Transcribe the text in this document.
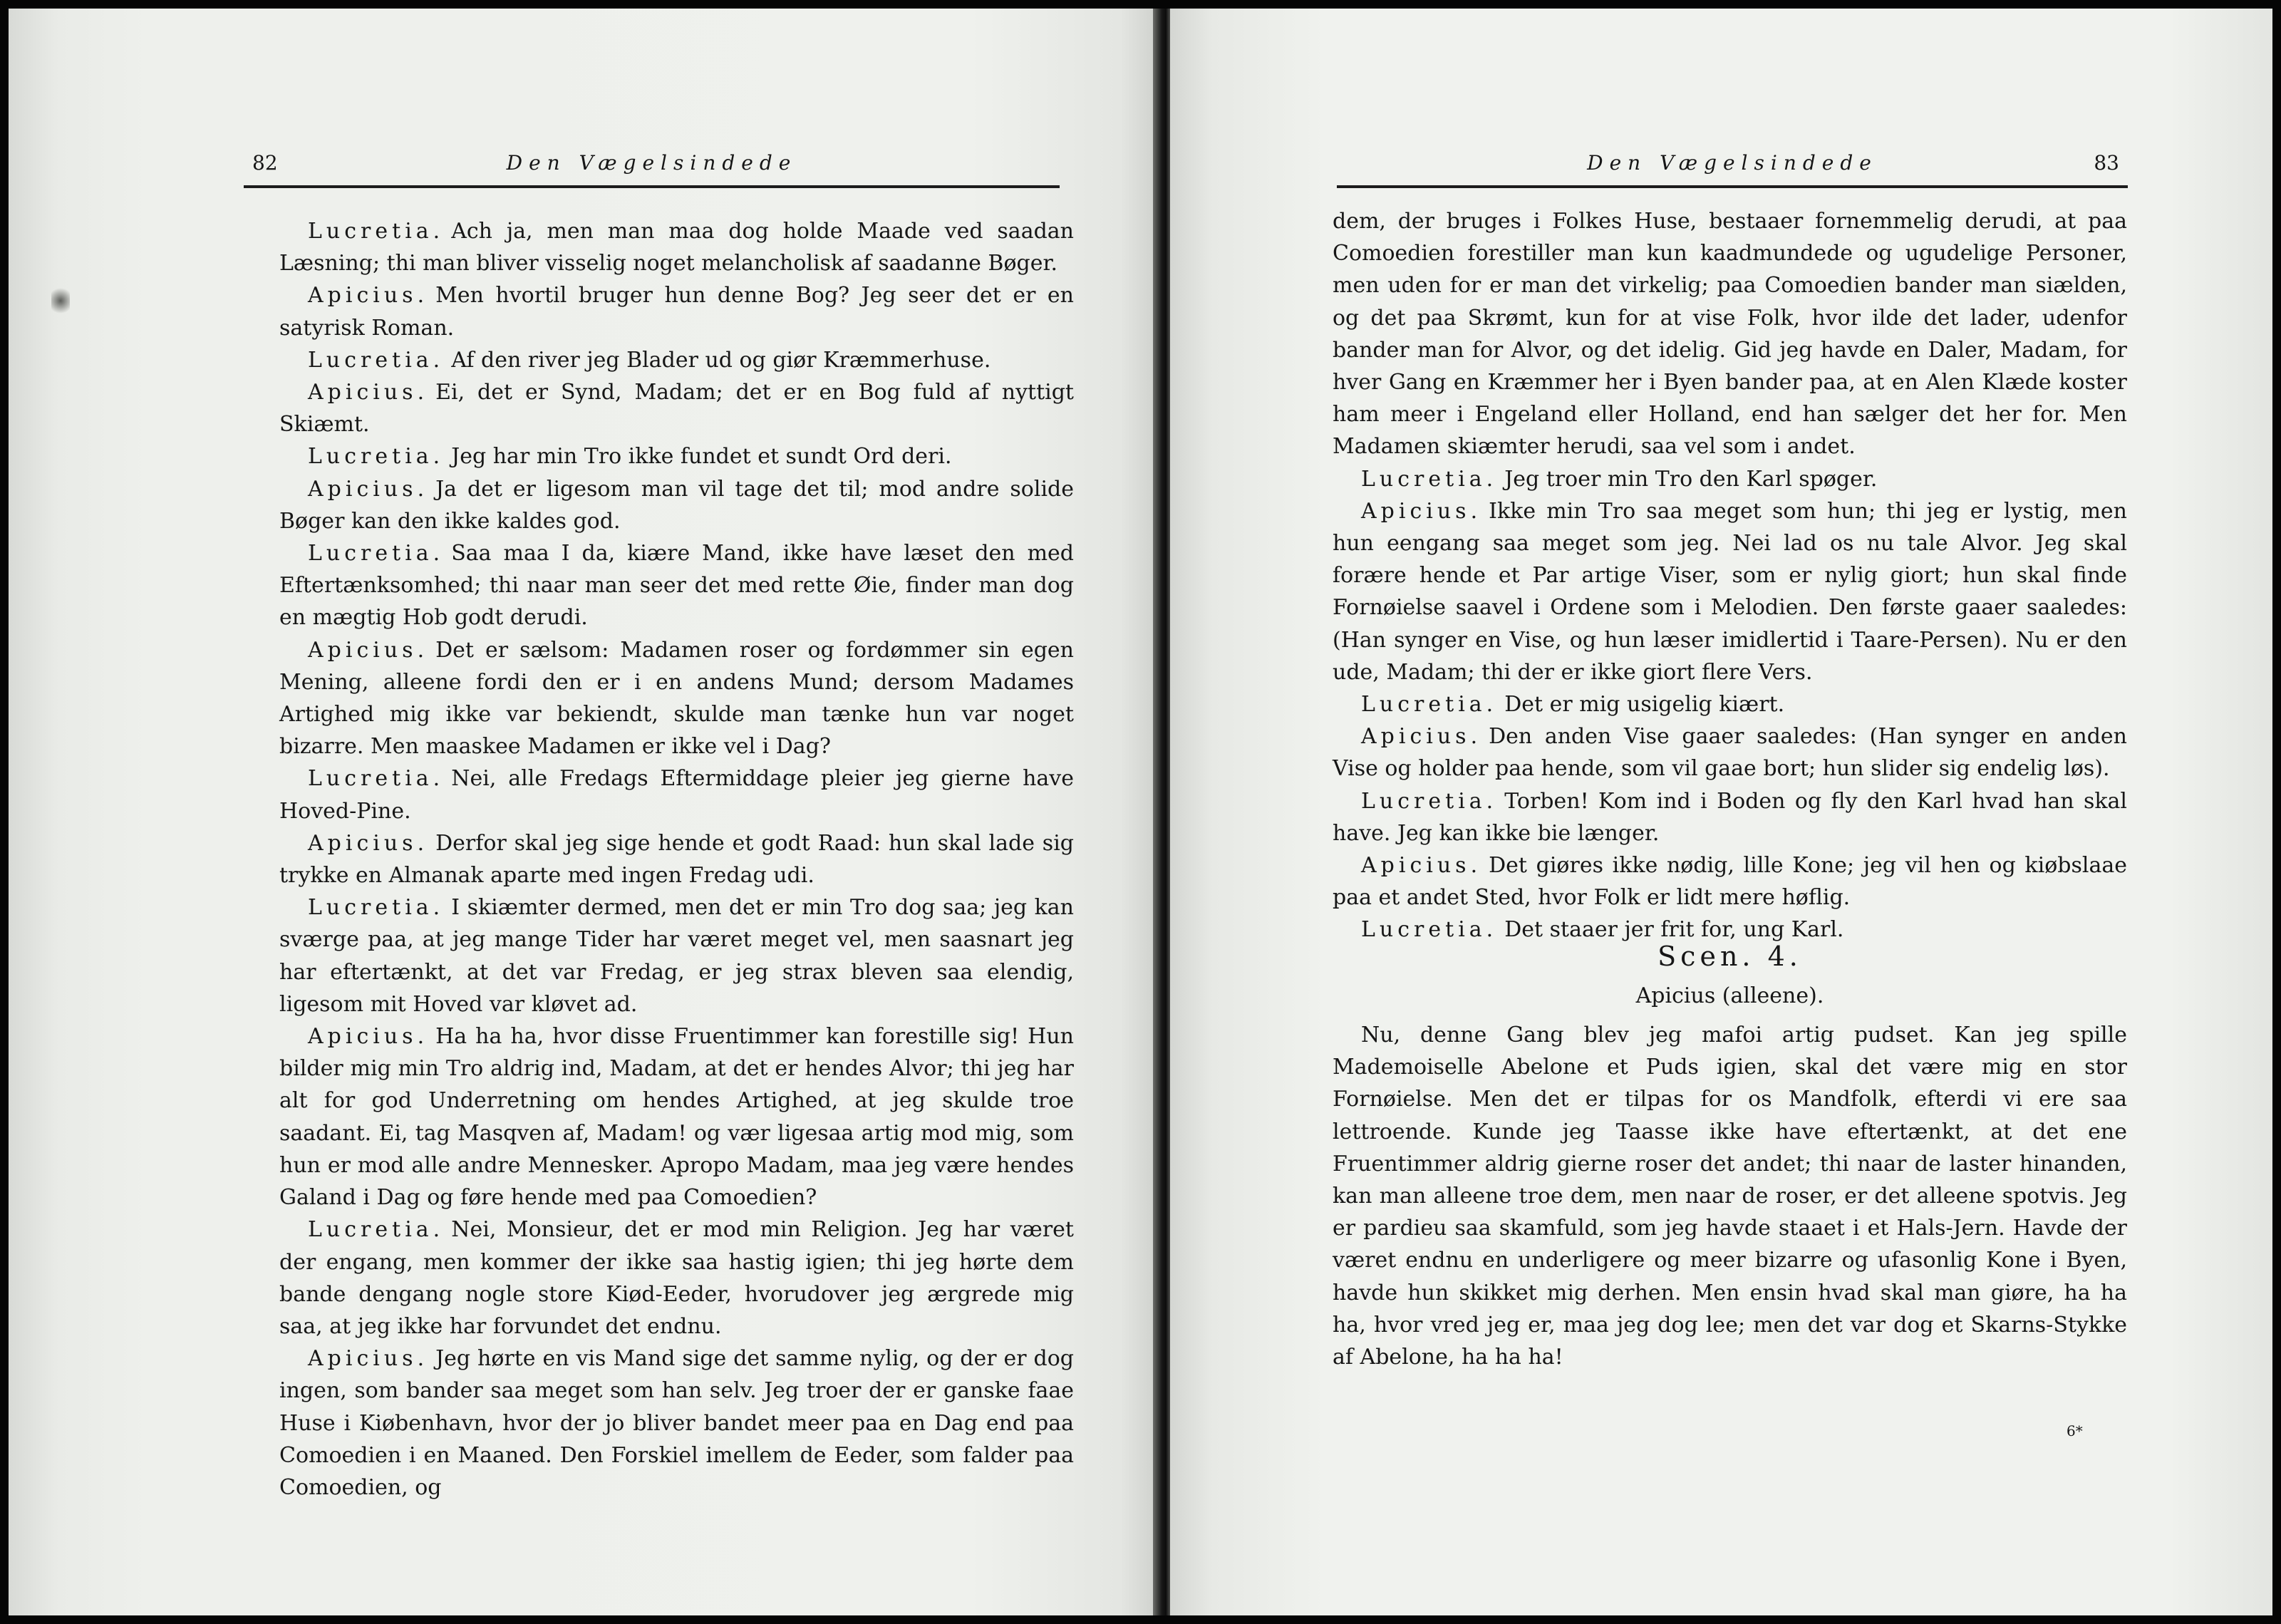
82	Den Vægelsindede

Lucretia. Ach ja, men man maa dog holde Maade ved saadan Læsning; thi man bliver visselig noget melancholisk af saadanne Bøger.

Apicius. Men hvortil bruger hun denne Bog? Jeg seer det er en satyrisk Roman.

Lucretia. Af den river jeg Blader ud og giør Kræmmerhuse.

Apicius. Ei, det er Synd, Madam; det er en Bog fuld af nyttigt Skiæmt.

Lucretia. Jeg har min Tro ikke fundet et sundt Ord deri.

Apicius. Ja det er ligesom man vil tage det til; mod andre solide Bøger kan den ikke kaldes god.

Lucretia. Saa maa I da, kiære Mand, ikke have læset den med Eftertænksomhed; thi naar man seer det med rette Øie, finder man dog en mægtig Hob godt derudi.

Apicius. Det er sælsom: Madamen roser og fordømmer sin egen Mening, alleene fordi den er i en andens Mund; dersom Madames Artighed mig ikke var bekiendt, skulde man tænke hun var noget bizarre. Men maaskee Madamen er ikke vel i Dag?

Lucretia. Nei, alle Fredags Eftermiddage pleier jeg gierne have Hoved-Pine.

Apicius. Derfor skal jeg sige hende et godt Raad: hun skal lade sig trykke en Almanak aparte med ingen Fredag udi.

Lucretia. I skiæmter dermed, men det er min Tro dog saa; jeg kan sværge paa, at jeg mange Tider har været meget vel, men saasnart jeg har eftertænkt, at det var Fredag, er jeg strax bleven saa elendig, ligesom mit Hoved var kløvet ad.

Apicius. Ha ha ha, hvor disse Fruentimmer kan forestille sig! Hun bilder mig min Tro aldrig ind, Madam, at det er hendes Alvor; thi jeg har alt for god Underretning om hendes Artighed, at jeg skulde troe saadant. Ei, tag Masqven af, Madam! og vær ligesaa artig mod mig, som hun er mod alle andre Mennesker. Apropo Madam, maa jeg være hendes Galand i Dag og føre hende med paa Comoedien?

Lucretia. Nei, Monsieur, det er mod min Religion. Jeg har været der engang, men kommer der ikke saa hastig igien; thi jeg hørte dem bande dengang nogle store Kiød-Eeder, hvorudover jeg ærgrede mig saa, at jeg ikke har forvundet det endnu.

Apicius. Jeg hørte en vis Mand sige det samme nylig, og der er dog ingen, som bander saa meget som han selv. Jeg troer der er ganske faae Huse i Kiøbenhavn, hvor der jo bliver bandet meer paa en Dag end paa Comoedien i en Maaned. Den Forskiel imellem de Eeder, som falder paa Comoedien, og

Den Vægelsindede	83

dem, der bruges i Folkes Huse, bestaaer fornemmelig derudi, at paa Comoedien forestiller man kun kaadmundede og ugudelige Personer, men uden for er man det virkelig; paa Comoedien bander man siælden, og det paa Skrømt, kun for at vise Folk, hvor ilde det lader, udenfor bander man for Alvor, og det idelig. Gid jeg havde en Daler, Madam, for hver Gang en Kræmmer her i Byen bander paa, at en Alen Klæde koster ham meer i Engeland eller Holland, end han sælger det her for. Men Madamen skiæmter herudi, saa vel som i andet.

Lucretia. Jeg troer min Tro den Karl spøger.

Apicius. Ikke min Tro saa meget som hun; thi jeg er lystig, men hun eengang saa meget som jeg. Nei lad os nu tale Alvor. Jeg skal forære hende et Par artige Viser, som er nylig giort; hun skal finde Fornøielse saavel i Ordene som i Melodien. Den første gaaer saaledes: (Han synger en Vise, og hun læser imidlertid i Taare-Persen). Nu er den ude, Madam; thi der er ikke giort flere Vers.

Lucretia. Det er mig usigelig kiært.

Apicius. Den anden Vise gaaer saaledes: (Han synger en anden Vise og holder paa hende, som vil gaae bort; hun slider sig endelig løs).

Lucretia. Torben! Kom ind i Boden og fly den Karl hvad han skal have. Jeg kan ikke bie længer.

Apicius. Det giøres ikke nødig, lille Kone; jeg vil hen og kiøbslaae paa et andet Sted, hvor Folk er lidt mere høflig.

Lucretia. Det staaer jer frit for, ung Karl.

Scen. 4.
Apicius (alleene).

Nu, denne Gang blev jeg mafoi artig pudset. Kan jeg spille Mademoiselle Abelone et Puds igien, skal det være mig en stor Fornøielse. Men det er tilpas for os Mandfolk, efterdi vi ere saa lettroende. Kunde jeg Taasse ikke have eftertænkt, at det ene Fruentimmer aldrig gierne roser det andet; thi naar de laster hinanden, kan man alleene troe dem, men naar de roser, er det alleene spotvis. Jeg er pardieu saa skamfuld, som jeg havde staaet i et Hals-Jern. Havde der været endnu en underligere og meer bizarre og ufasonlig Kone i Byen, havde hun skikket mig derhen. Men ensin hvad skal man giøre, ha ha ha, hvor vred jeg er, maa jeg dog lee; men det var dog et Skarns-Stykke af Abelone, ha ha ha!

6*
